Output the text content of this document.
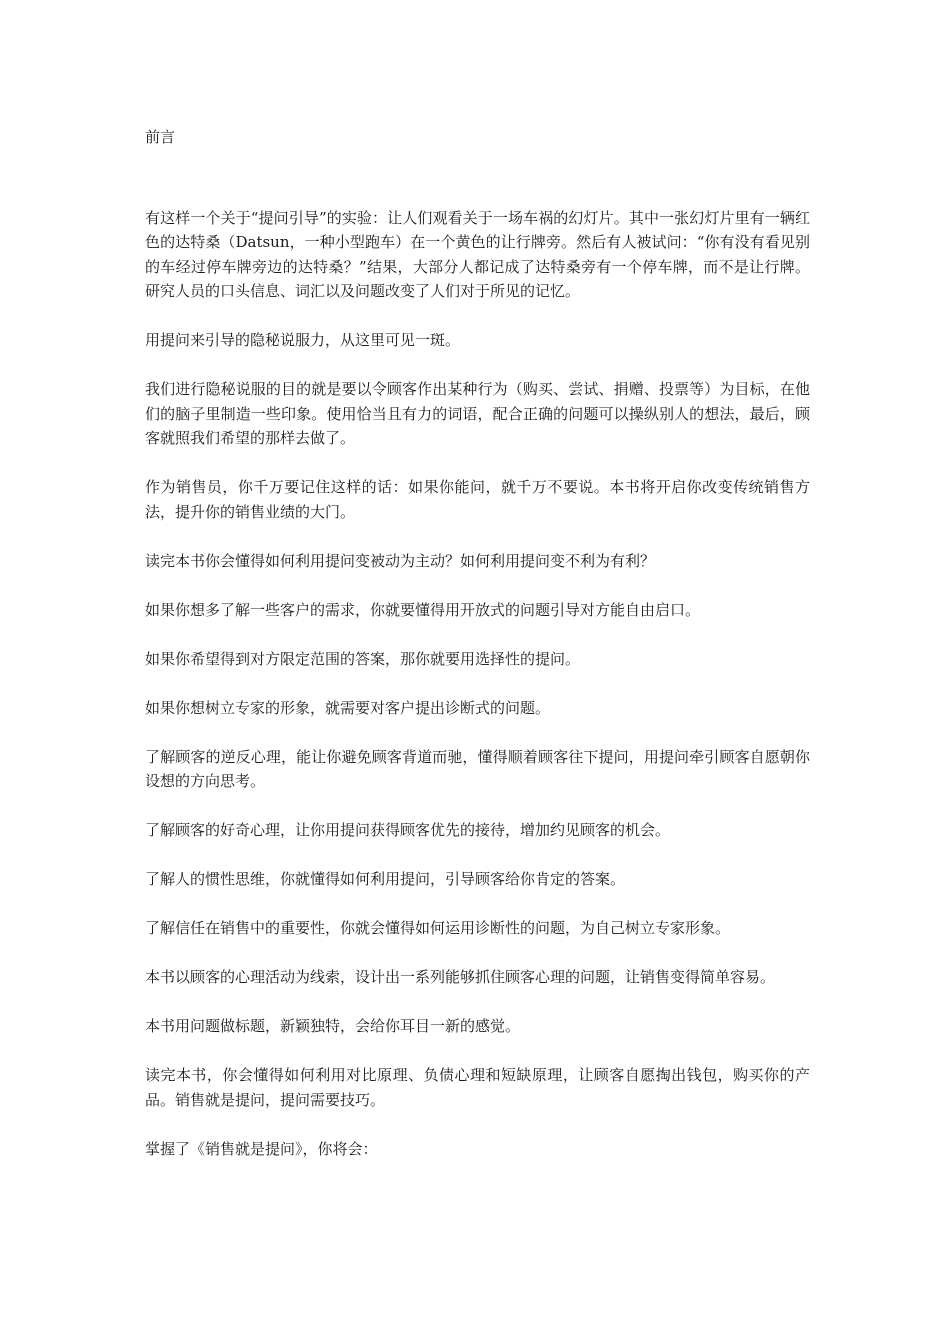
前言

有这样一个关于“提问引导”的实验：让人们观看关于一场车祸的幻灯片。其中一张幻灯片里有一辆红色的达特桑（Datsun，一种小型跑车）在一个黄色的让行牌旁。然后有人被试问：“你有没有看见别的车经过停车牌旁边的达特桑？”结果，大部分人都记成了达特桑旁有一个停车牌，而不是让行牌。研究人员的口头信息、词汇以及问题改变了人们对于所见的记忆。

用提问来引导的隐秘说服力，从这里可见一斑。

我们进行隐秘说服的目的就是要以令顾客作出某种行为（购买、尝试、捐赠、投票等）为目标，在他们的脑子里制造一些印象。使用恰当且有力的词语，配合正确的问题可以操纵别人的想法，最后，顾客就照我们希望的那样去做了。

作为销售员，你千万要记住这样的话：如果你能问，就千万不要说。本书将开启你改变传统销售方法，提升你的销售业绩的大门。

读完本书你会懂得如何利用提问变被动为主动？如何利用提问变不利为有利？

如果你想多了解一些客户的需求，你就要懂得用开放式的问题引导对方能自由启口。

如果你希望得到对方限定范围的答案，那你就要用选择性的提问。

如果你想树立专家的形象，就需要对客户提出诊断式的问题。

了解顾客的逆反心理，能让你避免顾客背道而驰，懂得顺着顾客往下提问，用提问牵引顾客自愿朝你设想的方向思考。

了解顾客的好奇心理，让你用提问获得顾客优先的接待，增加约见顾客的机会。

了解人的惯性思维，你就懂得如何利用提问，引导顾客给你肯定的答案。

了解信任在销售中的重要性，你就会懂得如何运用诊断性的问题，为自己树立专家形象。

本书以顾客的心理活动为线索，设计出一系列能够抓住顾客心理的问题，让销售变得简单容易。

本书用问题做标题，新颖独特，会给你耳目一新的感觉。

读完本书，你会懂得如何利用对比原理、负债心理和短缺原理，让顾客自愿掏出钱包，购买你的产品。销售就是提问，提问需要技巧。

掌握了《销售就是提问》，你将会：
